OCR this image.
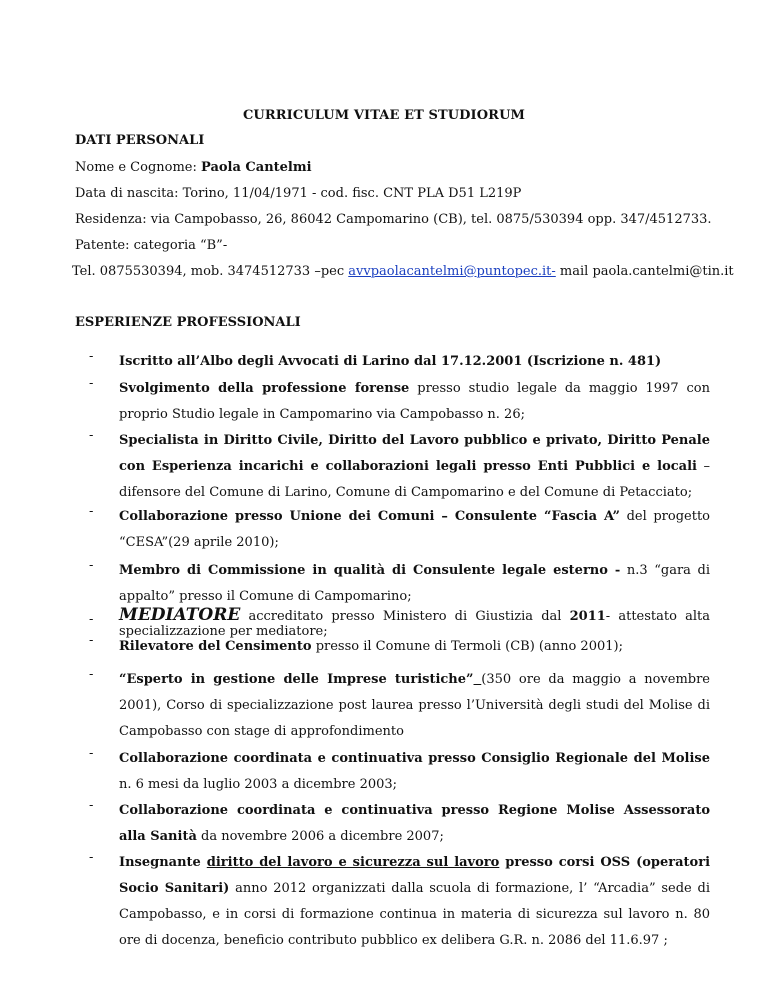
CURRICULUM VITAE ET STUDIORUM
DATI PERSONALI
Nome e Cognome: Paola Cantelmi
Data di nascita: Torino, 11/04/1971 - cod. fisc. CNT PLA D51 L219P
Residenza: via Campobasso, 26, 86042 Campomarino (CB), tel. 0875/530394 opp. 347/4512733.
Patente: categoria “B”-
Tel. 0875530394, mob. 3474512733 –pec avvpaolacantelmi@puntopec.it- mail paola.cantelmi@tin.it
ESPERIENZE PROFESSIONALI
- Iscritto all’Albo degli Avvocati di Larino dal 17.12.2001 (Iscrizione n. 481)
- Svolgimento della professione forense presso studio legale da maggio 1997 con proprio Studio legale in Campomarino via Campobasso n. 26;
- Specialista in Diritto Civile, Diritto del Lavoro pubblico e privato, Diritto Penale con Esperienza incarichi e collaborazioni legali presso Enti Pubblici e locali – difensore del Comune di Larino, Comune di Campomarino e del Comune di Petacciato;
- Collaborazione presso Unione dei Comuni – Consulente “Fascia A” del progetto “CESA”(29 aprile 2010);
- Membro di Commissione in qualità di Consulente legale esterno - n.3 “gara di appalto” presso il Comune di Campomarino;
- MEDIATORE accreditato presso Ministero di Giustizia dal 2011- attestato alta specializzazione per mediatore;
- Rilevatore del Censimento presso il Comune di Termoli (CB) (anno 2001);
- “Esperto in gestione delle Imprese turistiche” (350 ore da maggio a novembre 2001), Corso di specializzazione post laurea presso l’Università degli studi del Molise di Campobasso con stage di approfondimento
- Collaborazione coordinata e continuativa presso Consiglio Regionale del Molise n. 6 mesi da luglio 2003 a dicembre 2003;
- Collaborazione coordinata e continuativa presso Regione Molise Assessorato alla Sanità da novembre 2006 a dicembre 2007;
- Insegnante diritto del lavoro e sicurezza sul lavoro presso corsi OSS (operatori Socio Sanitari) anno 2012 organizzati dalla scuola di formazione, l’ “Arcadia” sede di Campobasso, e in corsi di formazione continua in materia di sicurezza sul lavoro n. 80 ore di docenza, beneficio contributo pubblico ex delibera G.R. n. 2086 del 11.6.97 ;
